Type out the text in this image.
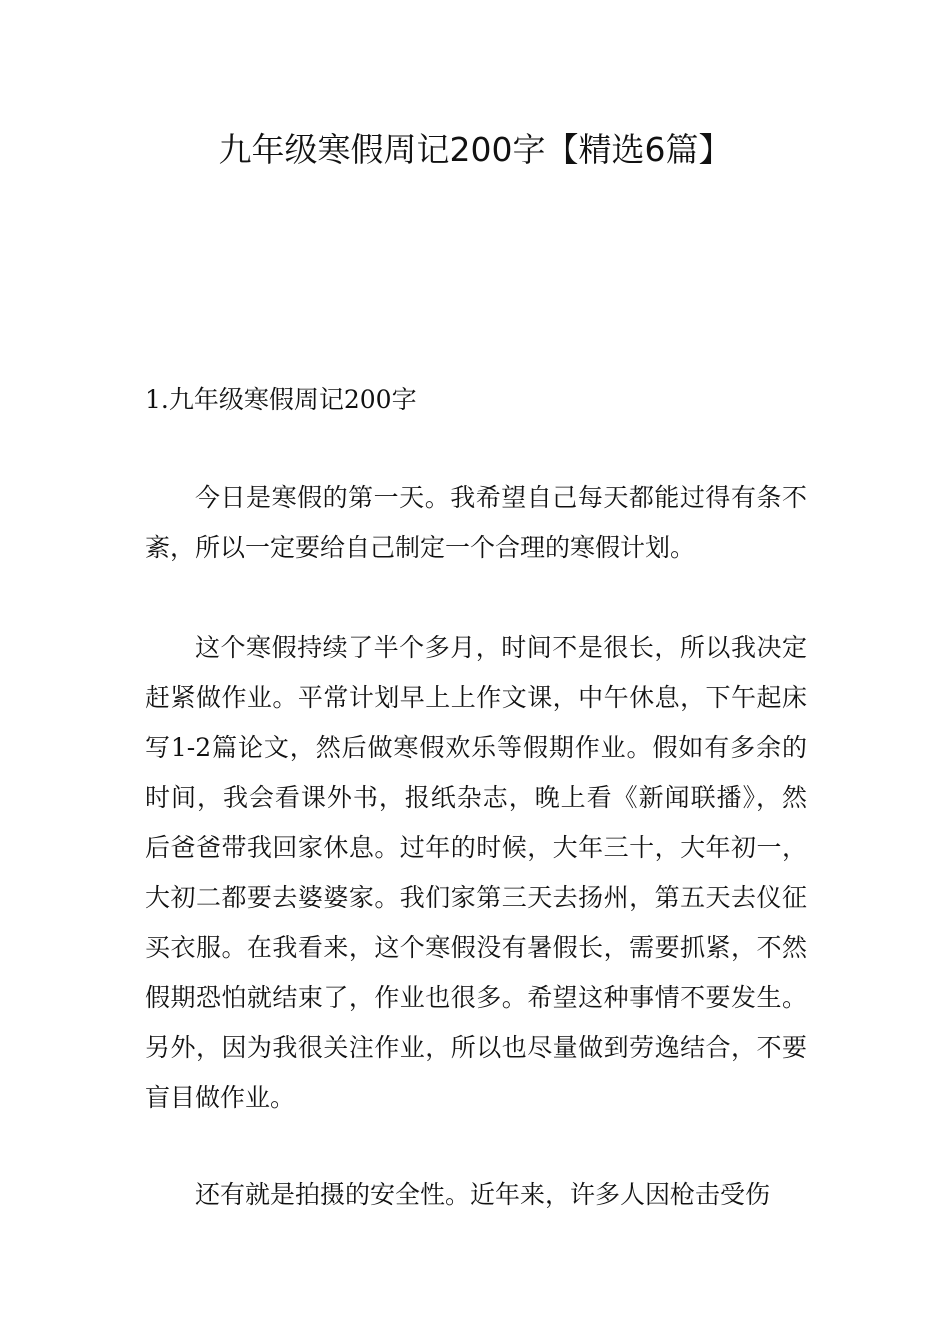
九年级寒假周记200字【精选6篇】

1.九年级寒假周记200字

今日是寒假的第一天。我希望自己每天都能过得有条不紊，所以一定要给自己制定一个合理的寒假计划。

这个寒假持续了半个多月，时间不是很长，所以我决定赶紧做作业。平常计划早上上作文课，中午休息，下午起床写1-2篇论文，然后做寒假欢乐等假期作业。假如有多余的时间，我会看课外书，报纸杂志，晚上看《新闻联播》，然后爸爸带我回家休息。过年的时候，大年三十，大年初一，大初二都要去婆婆家。我们家第三天去扬州，第五天去仪征买衣服。在我看来，这个寒假没有暑假长，需要抓紧，不然假期恐怕就结束了，作业也很多。希望这种事情不要发生。另外，因为我很关注作业，所以也尽量做到劳逸结合，不要盲目做作业。

还有就是拍摄的安全性。近年来，许多人因枪击受伤
